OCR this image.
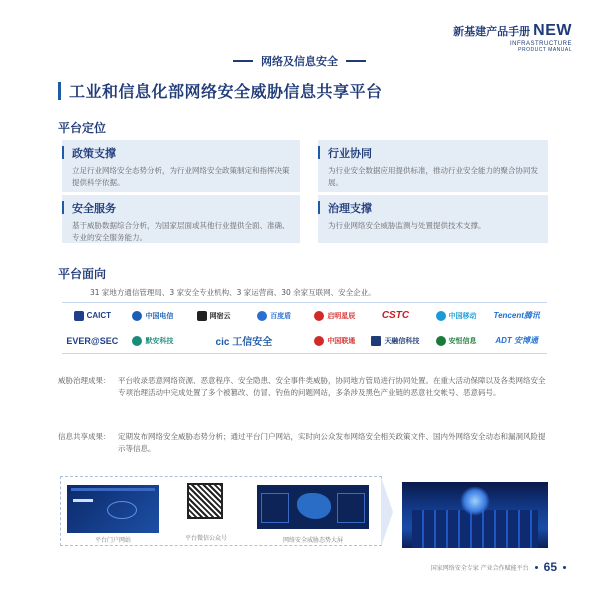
新基建产品手册 NEW
INFRASTRUCTURE
PRODUCT MANUAL
网络及信息安全
工业和信息化部网络安全威胁信息共享平台
平台定位
政策支撑
立足行业网络安全态势分析，为行业网络安全政策制定和指挥决策提供科学依据。
行业协同
为行业安全数据应用提供标准，推动行业安全能力的聚合协同发展。
安全服务
基于威胁数据综合分析，为国家层面或其他行业提供全面、准确、专业的安全服务能力。
治理支撑
为行业网络安全威胁监测与处置提供技术支撑。
平台面向
31 家地方通信管理局、3 家安全专业机构、3 家运营商、30 余家互联网、安全企业。
CAICT	中国电信	网宿云	百度盾	启明星辰	CSTC	中国移动 Tencent腾讯
EVER@SEC	默安科技	cic 工信安全	中国联通	天融信科技	安恒信息 ADT 安博通
威胁治理成果： 平台收录恶意网络资源、恶意程序、安全隐患、安全事件类威胁，协同地方管局进行协同处置。在重大活动保障以及各类网络安全专项治理活动中完成处置了多个被篡改、仿冒、钓鱼的问题网站，多条涉及黑色产业链的恶意社交帐号、恶意码号。
信息共享成果： 定期发布网络安全威胁态势分析；通过平台门户网站，实时向公众发布网络安全相关政策文件、国内外网络安全动态和漏洞风险提示等信息。
平台门户网站	平台微信公众号	网络安全威胁态势大屏
国家网络安全专家 产业合作赋能平台 65
